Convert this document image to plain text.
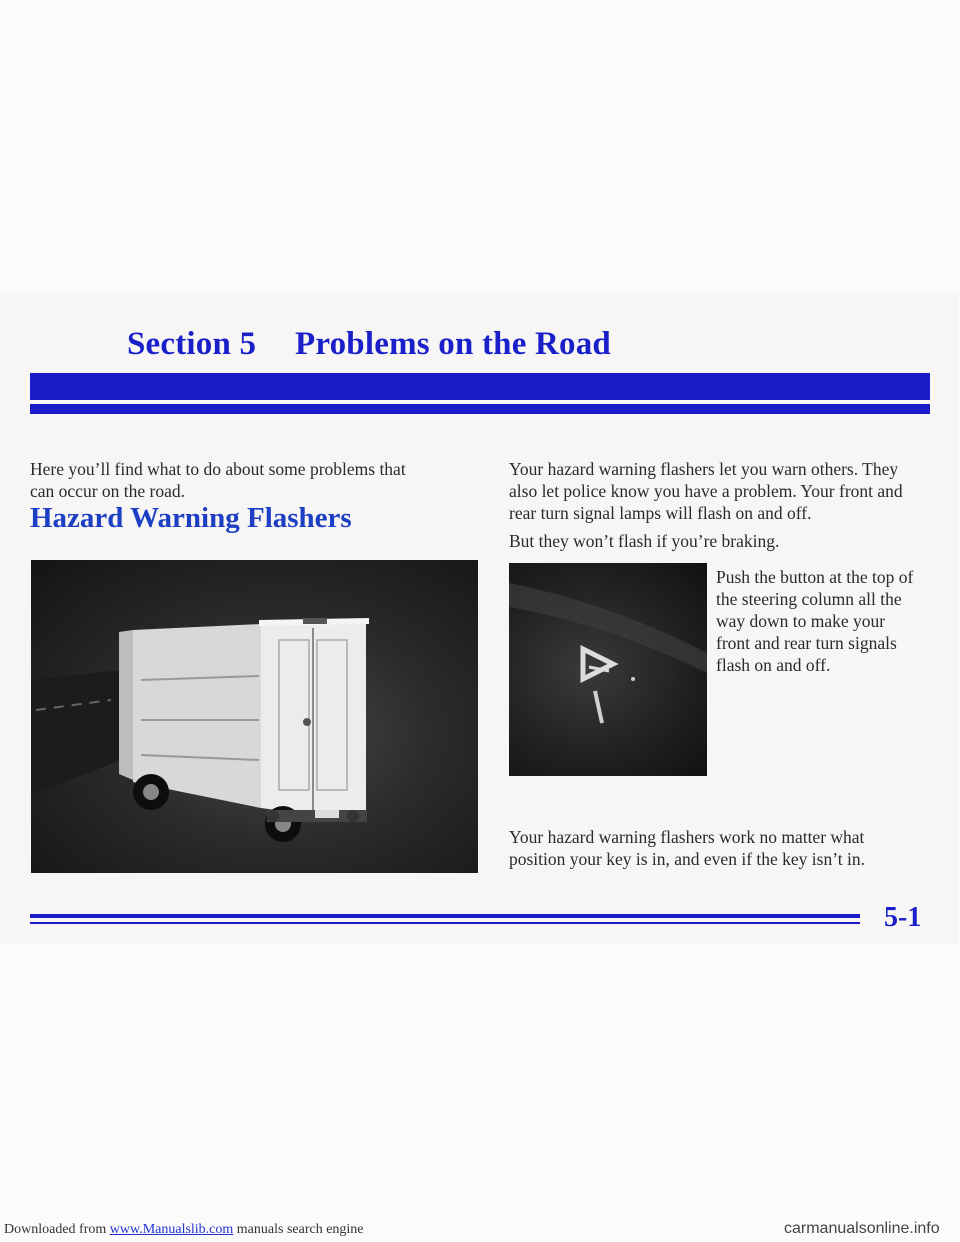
Section 5 Problems on the Road

Here you’ll find what to do about some problems that

can occur on the road.

Hazard Warning Flashers

Your hazard warning flashers let you warn others. They

also let police know you have a problem. Your front and

rear turn signal lamps will flash on and off.

But they won’t flash if you’re braking.

Push the button at the top of

the steering column all the

way down to make your

front and rear turn signals

flash on and off.

Your hazard warning flashers work no matter what

position your key is in, and even if the key isn’t in.

5-1

Downloaded from www.Manualslib.com manuals search engine	carmanualsonline.info
